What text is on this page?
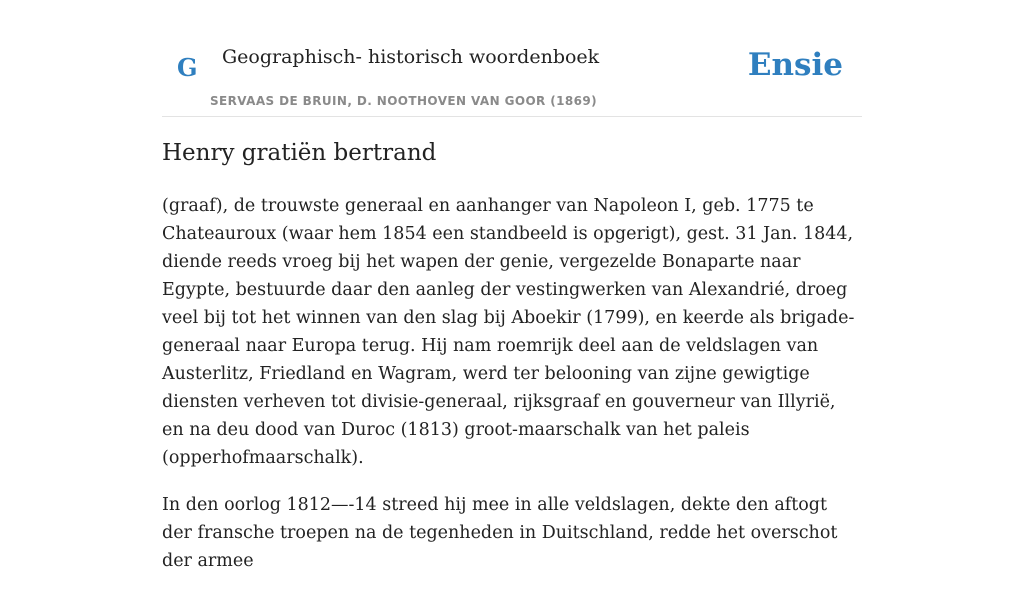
G Geographisch- historisch woordenboek
SERVAAS DE BRUIN, D. NOOTHOVEN VAN GOOR (1869)
Ensie
Henry gratiën bertrand

(graaf), de trouwste generaal en aanhanger van Napoleon I, geb. 1775 te Chateauroux (waar hem 1854 een standbeeld is opgerigt), gest. 31 Jan. 1844, diende reeds vroeg bij het wapen der genie, vergezelde Bonaparte naar Egypte, bestuurde daar den aanleg der vestingwerken van Alexandrié, droeg veel bij tot het winnen van den slag bij Aboekir (1799), en keerde als brigade-generaal naar Europa terug. Hij nam roemrijk deel aan de veldslagen van Austerlitz, Friedland en Wagram, werd ter belooning van zijne gewigtige diensten verheven tot divisie-generaal, rijksgraaf en gouverneur van Illyrië, en na deu dood van Duroc (1813) groot-maarschalk van het paleis (opperhofmaarschalk).

In den oorlog 1812—-14 streed hij mee in alle veldslagen, dekte den aftogt der fransche troepen na de tegenheden in Duitschland, redde het overschot der armee
